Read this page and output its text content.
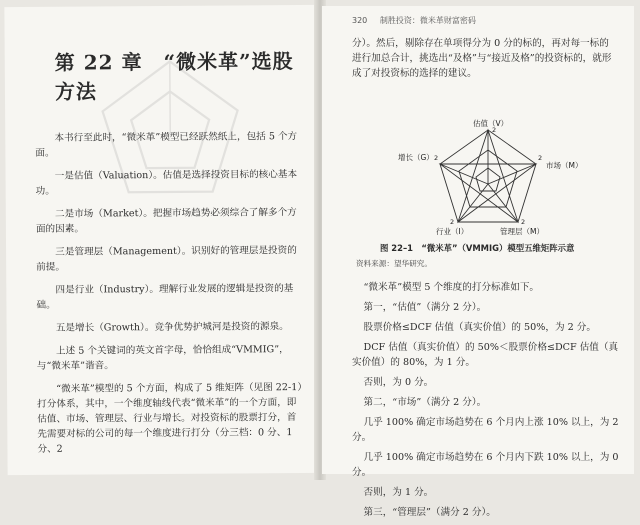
第 22 章　“微米革”选股方法

本书行至此时，“微米革”模型已经跃然纸上，包括 5 个方面。

一是估值（Valuation）。估值是选择投资目标的核心基本功。

二是市场（Market）。把握市场趋势必须综合了解多个方面的因素。

三是管理层（Management）。识别好的管理层是投资的前提。

四是行业（Industry）。理解行业发展的逻辑是投资的基础。

五是增长（Growth）。竞争优势护城河是投资的源泉。

上述 5 个关键词的英文首字母，恰恰组成“VMMIG”，与“微米革”谐音。

“微米革”模型的 5 个方面，构成了 5 维矩阵（见图 22-1）打分体系，其中，一个维度轴线代表“微米革”的一个方面，即估值、市场、管理层、行业与增长。对投资标的股票打分，首先需要对标的公司的每一个维度进行打分（分三档：0 分、1 分、2

320 制胜投资：微米革财富密码
分）。然后，剔除存在单项得分为 0 分的标的，再对每一标的进行加总合计，挑选出“及格”与“接近及格”的投资标的，就形成了对投资标的选择的建议。
估值（V）
2
增长（G） 2	2
市场（M）
2
行业（I）
2
管理层（M）
图 22–1　“微米革”（VMMIG）模型五维矩阵示意
资料来源：望华研究。

“微米革”模型 5 个维度的打分标准如下。

第一，“估值”（满分 2 分）。

股票价格≤DCF 估值（真实价值）的 50%，为 2 分。

DCF 估值（真实价值）的 50%＜股票价格≤DCF 估值（真实价值）的 80%，为 1 分。

否则，为 0 分。

第二，“市场”（满分 2 分）。

几乎 100% 确定市场趋势在 6 个月内上涨 10% 以上，为 2 分。

几乎 100% 确定市场趋势在 6 个月内下跌 10% 以上，为 0 分。

否则，为 1 分。

第三，“管理层”（满分 2 分）。
